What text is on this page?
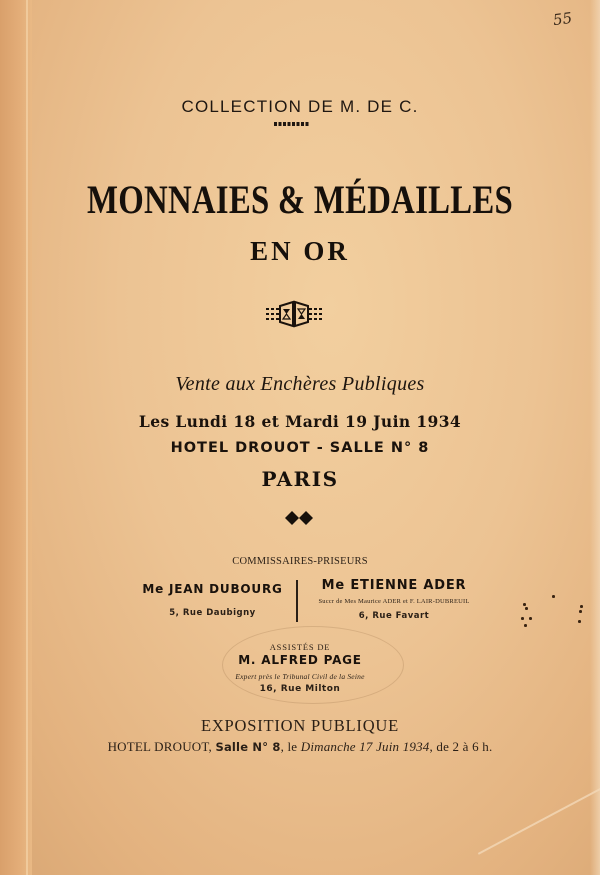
55
COLLECTION DE M. DE C.
MONNAIES & MÉDAILLES
EN OR
Vente aux Enchères Publiques
Les Lundi 18 et Mardi 19 Juin 1934
HOTEL DROUOT - SALLE N° 8
PARIS
COMMISSAIRES-PRISEURS
Me JEAN DUBOURG
5, Rue Daubigny
Me ETIENNE ADER
Succr de Mes Maurice ADER et F. LAIR-DUBREUIL
6, Rue Favart
ASSISTÉS DE
M. ALFRED PAGE
Expert près le Tribunal Civil de la Seine
16, Rue Milton
EXPOSITION PUBLIQUE
HOTEL DROUOT, Salle N° 8, le Dimanche 17 Juin 1934, de 2 à 6 h.
